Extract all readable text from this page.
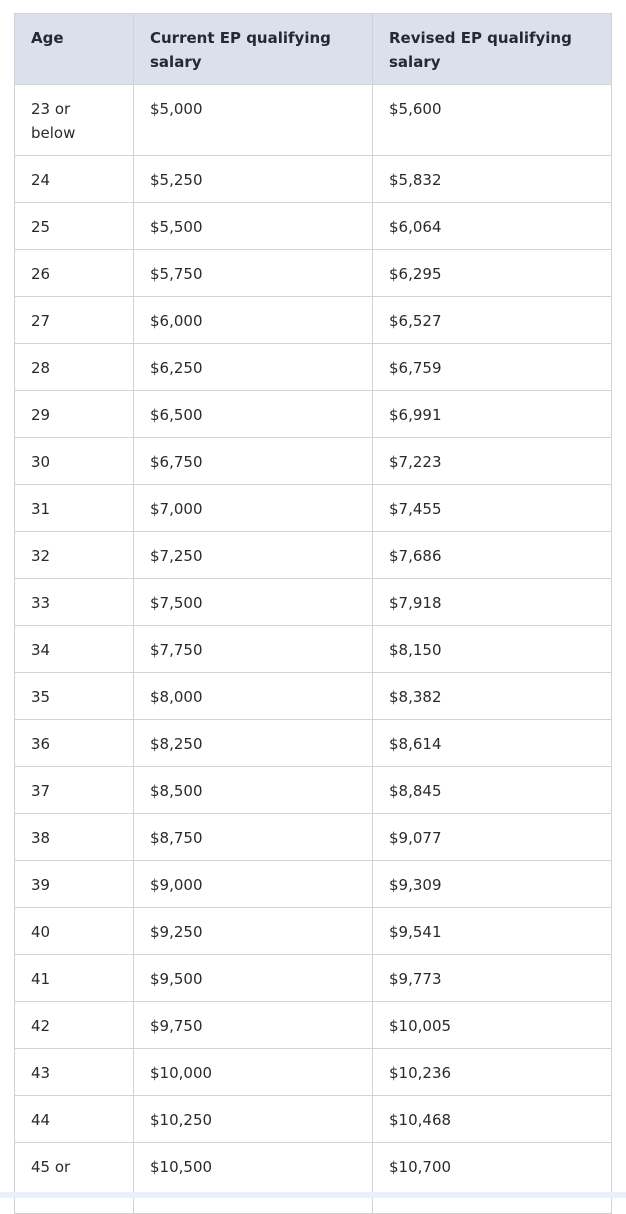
Age	Current EP qualifying salary	Revised EP qualifying salary
23 or below	$5,000	$5,600
24	$5,250	$5,832
25	$5,500	$6,064
26	$5,750	$6,295
27	$6,000	$6,527
28	$6,250	$6,759
29	$6,500	$6,991
30	$6,750	$7,223
31	$7,000	$7,455
32	$7,250	$7,686
33	$7,500	$7,918
34	$7,750	$8,150
35	$8,000	$8,382
36	$8,250	$8,614
37	$8,500	$8,845
38	$8,750	$9,077
39	$9,000	$9,309
40	$9,250	$9,541
41	$9,500	$9,773
42	$9,750	$10,005
43	$10,000	$10,236
44	$10,250	$10,468
45 or	$10,500	$10,700
